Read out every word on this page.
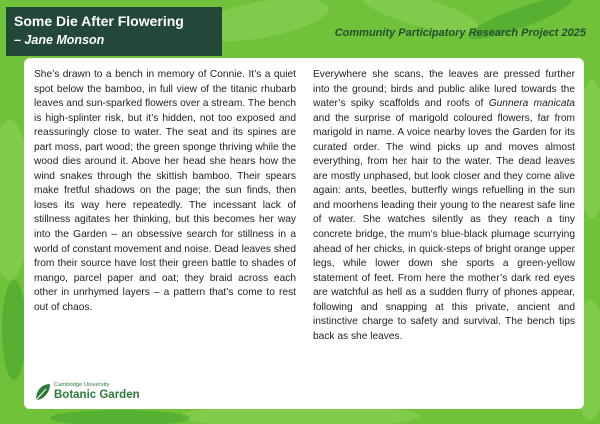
Some Die After Flowering
– Jane Monson	Community Participatory Research Project 2025
She’s drawn to a bench in memory of Connie. It’s a quiet spot below the bamboo, in full view of the titanic rhubarb leaves and sun-sparked flowers over a stream. The bench is high-splinter risk, but it’s hidden, not too exposed and reassuringly close to water. The seat and its spines are part moss, part wood; the green sponge thriving while the wood dies around it. Above her head she hears how the wind snakes through the skittish bamboo. Their spears make fretful shadows on the page; the sun finds, then loses its way here repeatedly. The incessant lack of stillness agitates her thinking, but this becomes her way into the Garden – an obsessive search for stillness in a world of constant movement and noise. Dead leaves shed from their source have lost their green battle to shades of mango, parcel paper and oat; they braid across each other in unrhymed layers – a pattern that’s come to rest out of chaos.
Everywhere she scans, the leaves are pressed further into the ground; birds and public alike lured towards the water’s spiky scaffolds and roofs of Gunnera manicata and the surprise of marigold coloured flowers, far from marigold in name. A voice nearby loves the Garden for its curated order. The wind picks up and moves almost everything, from her hair to the water. The dead leaves are mostly unphased, but look closer and they come alive again: ants, beetles, butterfly wings refuelling in the sun and moorhens leading their young to the nearest safe line of water. She watches silently as they reach a tiny concrete bridge, the mum’s blue-black plumage scurrying ahead of her chicks, in quick-steps of bright orange upper legs, while lower down she sports a green-yellow statement of feet. From here the mother’s dark red eyes are watchful as hell as a sudden flurry of phones appear, following and snapping at this private, ancient and instinctive charge to safety and survival. The bench tips back as she leaves.
Cambridge University
Botanic Garden
